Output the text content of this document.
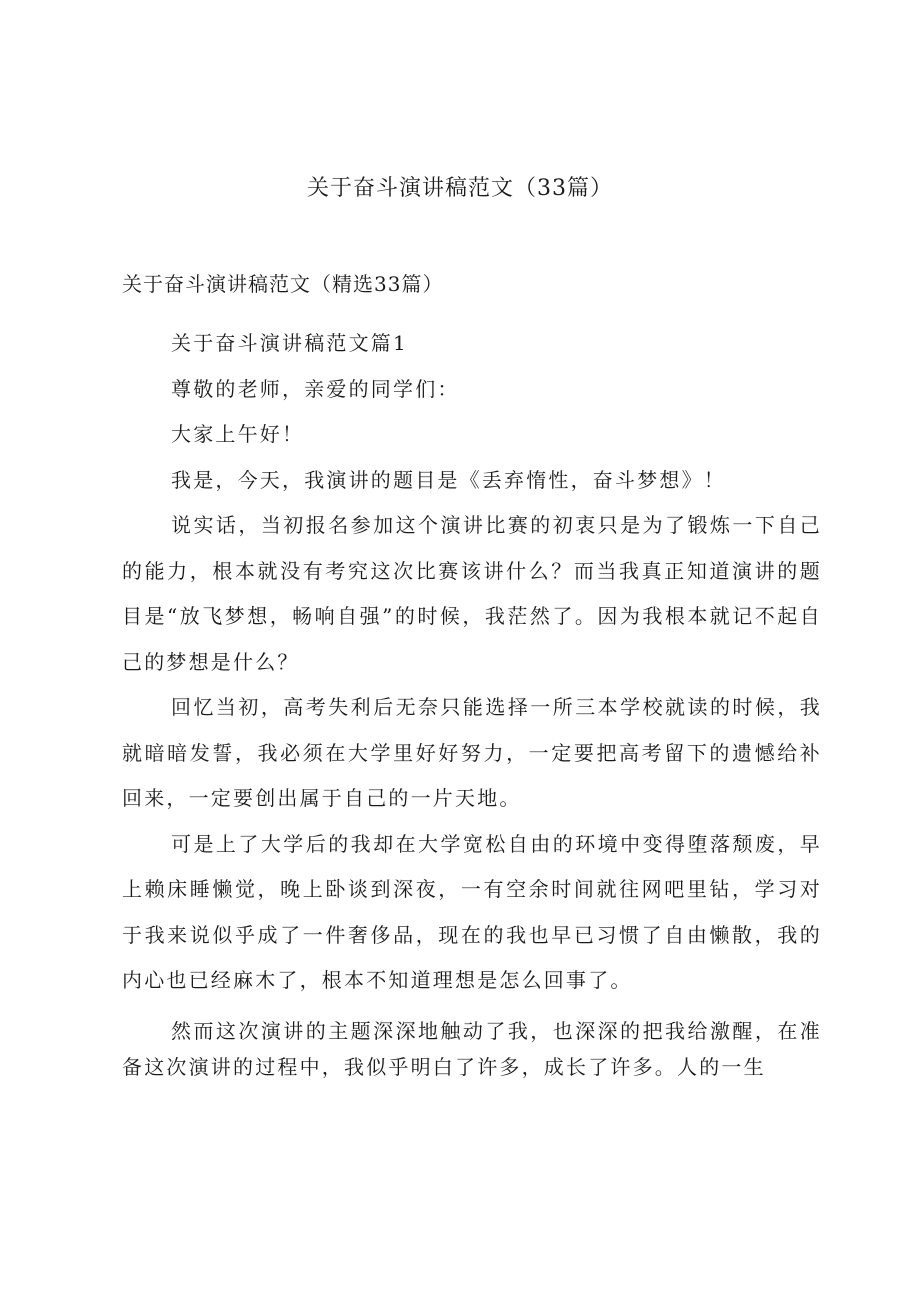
关于奋斗演讲稿范文（33篇）

关于奋斗演讲稿范文（精选33篇）

关于奋斗演讲稿范文篇1

尊敬的老师，亲爱的同学们：

大家上午好！

我是，今天，我演讲的题目是《丢弃惰性，奋斗梦想》！

说实话，当初报名参加这个演讲比赛的初衷只是为了锻炼一下自己的能力，根本就没有考究这次比赛该讲什么？而当我真正知道演讲的题目是“放飞梦想，畅响自强”的时候，我茫然了。因为我根本就记不起自己的梦想是什么？

回忆当初，高考失利后无奈只能选择一所三本学校就读的时候，我就暗暗发誓，我必须在大学里好好努力，一定要把高考留下的遗憾给补回来，一定要创出属于自己的一片天地。

可是上了大学后的我却在大学宽松自由的环境中变得堕落颓废，早上赖床睡懒觉，晚上卧谈到深夜，一有空余时间就往网吧里钻，学习对于我来说似乎成了一件奢侈品，现在的我也早已习惯了自由懒散，我的内心也已经麻木了，根本不知道理想是怎么回事了。

然而这次演讲的主题深深地触动了我，也深深的把我给激醒，在准备这次演讲的过程中，我似乎明白了许多，成长了许多。人的一生
